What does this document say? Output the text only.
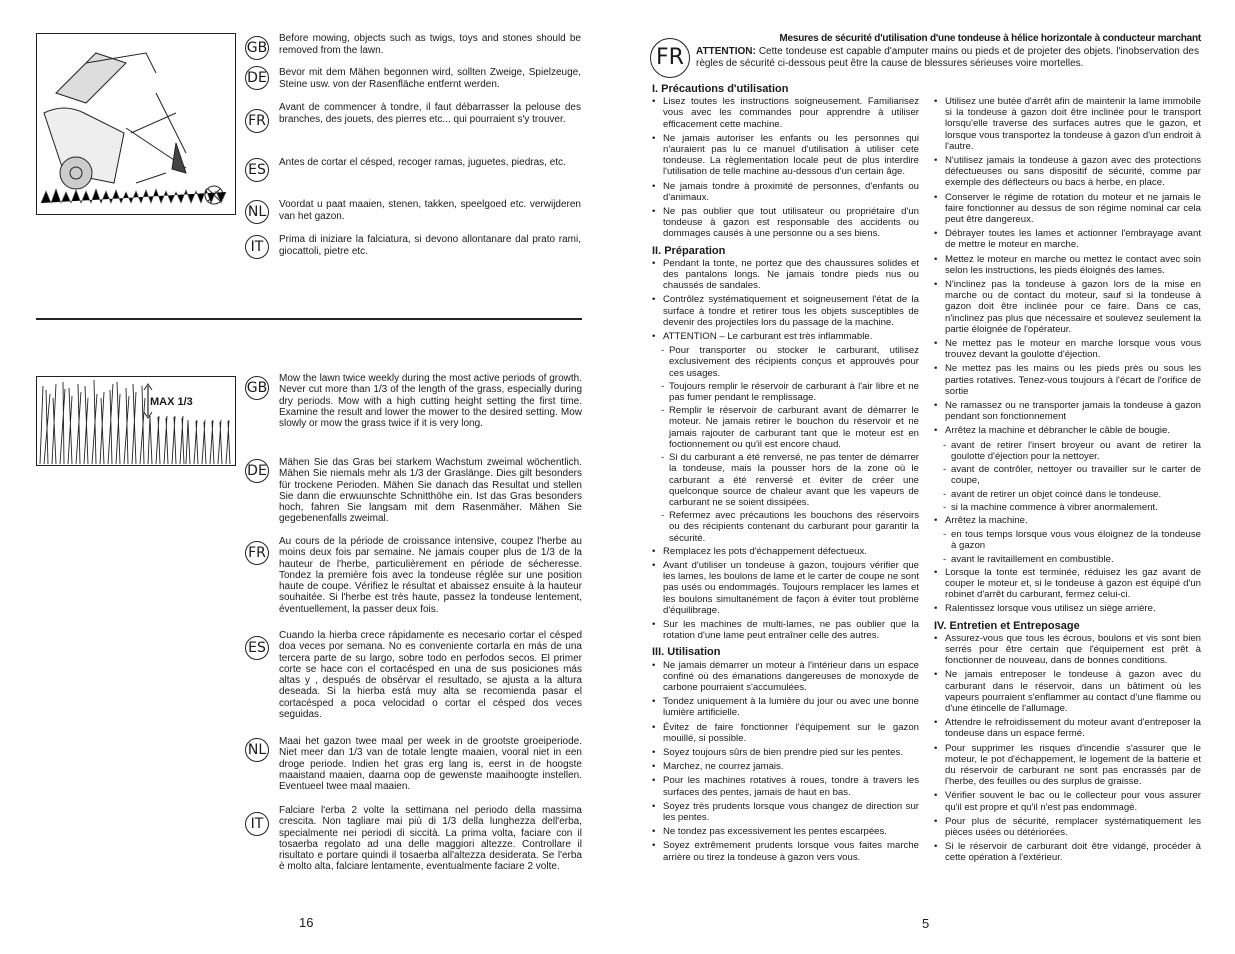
GB
Before mowing, objects such as twigs, toys and stones should be removed from the lawn.
DE Bevor mit dem Mähen begonnen wird, sollten Zweige, Spielzeuge, Steine usw. von der Rasenfläche entfernt werden.
FR
Avant de commencer à tondre, il faut débarrasser la pelouse des branches, des jouets, des pierres etc... qui pourraient s'y trouver.
ES	Antes de cortar el césped, recoger ramas, juguetes, piedras, etc.
NL Voordat u paat maaien, stenen, takken, speelgoed etc. verwijderen van het gazon.
IT	Prima di iniziare la falciatura, si devono allontanare dal prato rami, giocattoli, pietre etc.
MAX 1/3
GB
Mow the lawn twice weekly during the most active periods of growth. Never cut more than 1/3 of the length of the grass, especially during dry periods. Mow with a high cutting height setting the first time. Examine the result and lower the mower to the desired setting. Mow slowly or mow the grass twice if it is very long.
DE
Mähen Sie das Gras bei starkem Wachstum zweimal wöchentlich. Mähen Sie niemals mehr als 1/3 der Graslänge. Dies gilt besonders für trockene Perioden. Mähen Sie danach das Resultat und stellen Sie dann die erwuunschte Schnitthöhe ein. Ist das Gras besonders hoch, fahren Sie langsam mit dem Rasenmäher. Mähen Sie gegebenenfalls zweimal.
FR
Au cours de la période de croissance intensive, coupez l'herbe au moins deux fois par semaine. Ne jamais couper plus de 1/3 de la hauteur de l'herbe, particulièrement en période de sécheresse. Tondez la première fois avec la tondeuse réglée sur une position haute de coupe. Vérifiez le résultat et abaissez ensuite à la hauteur souhaitée. Si l'herbe est très haute, passez la tondeuse lentement, éventuellement, la passer deux fois.
ES
Cuando la hierba crece rápidamente es necesario cortar el césped doa veces por semana. No es conveniente cortarla en más de una tercera parte de su largo, sobre todo en perfodos secos. El primer corte se hace con el cortacésped en una de sus posiciones más altas y , después de obsérvar el resultado, se ajusta a la altura deseada. Si la hierba está muy alta se recomienda pasar el cortacésped a poca velocidad o cortar el césped dos veces seguidas.
NL
Maai het gazon twee maal per week in de grootste groeiperiode. Niet meer dan 1/3 van de totale lengte maaien, vooral niet in een droge periode. Indien het gras erg lang is, eerst in de hoogste maaistand maaien, daarna oop de gewenste maaihoogte instellen. Eventueel twee maal maaien.
IT
Falciare l'erba 2 volte la settimana nel periodo della massima crescita. Non tagliare mai più di 1/3 della lunghezza dell'erba, specialmente nei periodi di siccità. La prima volta, faciare con il tosaerba regolato ad una delle maggiori altezze. Controllare il risultato e portare quindi il tosaerba all'altezza desiderata. Se l'erba è molto alta, falciare lentamente, eventualmente faciare 2 volte.
16
FR
Mesures de sécurité d'utilisation d'une tondeuse à hélice horizontale à conducteur marchant
ATTENTION: Cette tondeuse est capable d'amputer mains ou pieds et de projeter des objets. l'inobservation des règles de sécurité ci-dessous peut être la cause de blessures sérieuses voire mortelles.
I. Précautions d'utilisation
• Lisez toutes les instructions soigneusement. Familiarisez vous avec les commandes pour apprendre à utiliser efficacement cette machine.
• Ne jamais autoriser les enfants ou les personnes qui n'auraient pas lu ce manuel d'utilisation à utiliser cete tondeuse. La règlementation locale peut de plus interdire l'utilisation de telle machine au-dessous d'un certain âge.
• Ne jamais tondre à proximité de personnes, d'enfants ou d'animaux.
• Ne pas oublier que tout utilisateur ou propriétaire d'un tondeuse à gazon est responsable des accidents ou dommages causés à une personne ou a ses biens.
II. Préparation
• Pendant la tonte, ne portez que des chaussures solides et des pantalons longs. Ne jamais tondre pieds nus ou chaussés de sandales.
• Contrôlez systématiquement et soigneusement l'état de la surface à tondre et retirer tous les objets susceptibles de devenir des projectiles lors du passage de la machine.
• ATTENTION – Le carburant est très inflammable.
- Pour transporter ou stocker le carburant, utilisez exclusivement des récipients conçus et approuvés pour ces usages.
- Toujours remplir le réservoir de carburant à l'air libre et ne pas fumer pendant le remplissage.
- Remplir le réservoir de carburant avant de démarrer le moteur. Ne jamais retirer le bouchon du réservoir et ne jamais rajouter de carburant tant que le moteur est en foctionnement ou qu'il est encore chaud.
- Si du carburant a été renversé, ne pas tenter de démarrer la tondeuse, mais la pousser hors de la zone où le carburant a été renversé et éviter de créer une quelconque source de chaleur avant que les vapeurs de carburant ne se soient dissipées.
- Refermez avec précautions les bouchons des réservoirs ou des récipients contenant du carburant pour garantir la sécurité.
• Remplacez les pots d'échappement défectueux.
• Avant d'utiliser un tondeuse à gazon, toujours vérifier que les lames, les boulons de lame et le carter de coupe ne sont pas usés ou endommagés. Toujours remplacer les lames et les boulons simultanément de façon à éviter tout problème d'équilibrage.
• Sur les machines de multi-lames, ne pas oublier que la rotation d'une lame peut entraîner celle des autres.
III. Utilisation
• Ne jamais démarrer un moteur à l'intérieur dans un espace confiné où des émanations dangereuses de monoxyde de carbone pourraient s'accumulées.
• Tondez uniquement à la lumière du jour ou avec une bonne lumière artificielle.
• Évitez de faire fonctionner l'équipement sur le gazon mouillé, si possible.
• Soyez toujours sûrs de bien prendre pied sur les pentes.
• Marchez, ne courrez jamais.
• Pour les machines rotatives à roues, tondre à travers les surfaces des pentes, jamais de haut en bas.
• Soyez très prudents lorsque vous changez de direction sur les pentes.
• Ne tondez pas excessivement les pentes escarpées.
• Soyez extrêmement prudents lorsque vous faites marche arrière ou tirez la tondeuse à gazon vers vous.
• Utilisez une butée d'arrêt afin de maintenir la lame immobile si la tondeuse à gazon doit être inclinée pour le transport lorsqu'elle traverse des surfaces autres que le gazon, et lorsque vous transportez la tondeuse à gazon d'un endroit à l'autre.
• N'utilisez jamais la tondeuse à gazon avec des protections défectueuses ou sans dispositif de sécurité, comme par exemple des déflecteurs ou bacs à herbe, en place.
• Conserver le régime de rotation du moteur et ne jamais le faire fonctionner au dessus de son régime nominal car cela peut être dangereux.
• Débrayer toutes les lames et actionner l'embrayage avant de mettre le moteur en marche.
• Mettez le moteur en marche ou mettez le contact avec soin selon les instructions, les pieds éloignés des lames.
• N'inclinez pas la tondeuse à gazon lors de la mise en marche ou de contact du moteur, sauf si la tondeuse à gazon doit être inclinée pour ce faire. Dans ce cas, n'inclinez pas plus que nécessaire et soulevez seulement la partie éloignée de l'opérateur.
• Ne mettez pas le moteur en marche lorsque vous vous trouvez devant la goulotte d'éjection.
• Ne mettez pas les mains ou les pieds près ou sous les parties rotatives. Tenez-vous toujours à l'écart de l'orifice de sortie
• Ne ramassez ou ne transporter jamais la tondeuse à gazon pendant son fonctionnement
• Arrêtez la machine et débrancher le câble de bougie.
- avant de retirer l'insert broyeur ou avant de retirer la goulotte d'éjection pour la nettoyer.
- avant de contrôler, nettoyer ou travailler sur le carter de coupe,
- avant de retirer un objet coincé dans le tondeuse.
- si la machine commence à vibrer anormalement.
• Arrêtez la machine.
- en tous temps lorsque vous vous éloignez de la tondeuse à gazon
- avant le ravitaillement en combustible.
• Lorsque la tonte est terminée, réduisez les gaz avant de couper le moteur et, si le tondeuse à gazon est équipé d'un robinet d'arrêt du carburant, fermez celui-ci.
• Ralentissez lorsque vous utilisez un siège arrière.
IV. Entretien et Entreposage
• Assurez-vous que tous les écrous, boulons et vis sont bien serrés pour être certain que l'équipement est prêt à fonctionner de nouveau, dans de bonnes conditions.
• Ne jamais entreposer le tondeuse à gazon avec du carburant dans le réservoir, dans un bâtiment où les vapeurs pourraient s'enflammer au contact d'une flamme ou d'une étincelle de l'allumage.
• Attendre le refroidissement du moteur avant d'entreposer la tondeuse dans un espace fermé.
• Pour supprimer les risques d'incendie s'assurer que le moteur, le pot d'échappement, le logement de la batterie et du réservoir de carburant ne sont pas encrassés par de l'herbe, des feuilles ou des surplus de graisse.
• Vérifier souvent le bac ou le collecteur pour vous assurer qu'il est propre et qu'il n'est pas endommagé.
• Pour plus de sécurité, remplacer systématiquement les pièces usées ou détériorées.
• Si le réservoir de carburant doit être vidangé, procéder à cette opération à l'extérieur.
5
